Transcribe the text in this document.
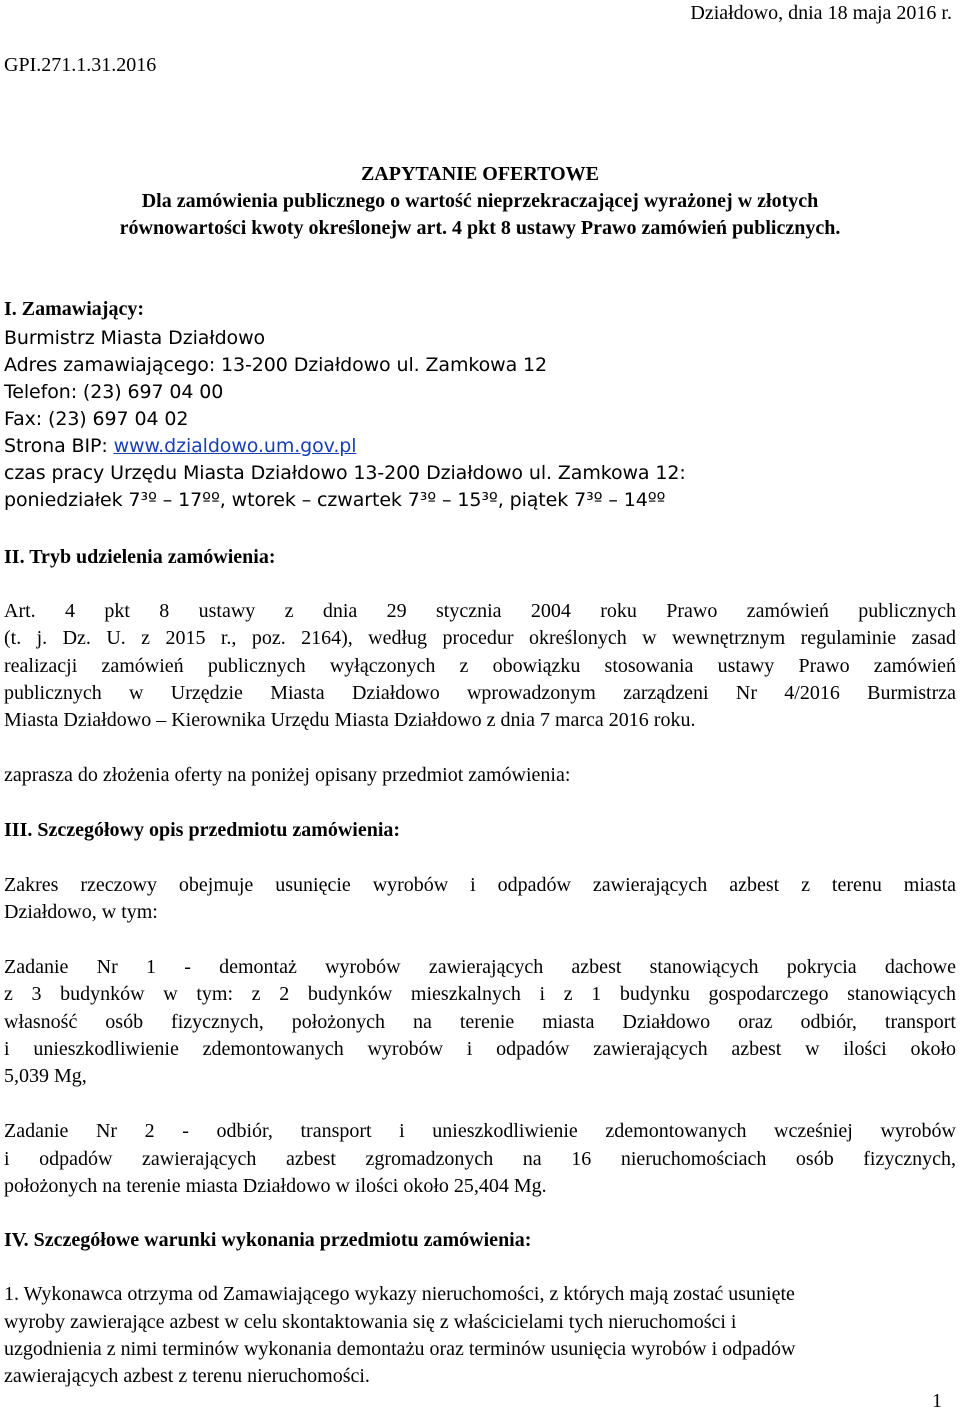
Działdowo, dnia 18 maja 2016 r.
GPI.271.1.31.2016
ZAPYTANIE OFERTOWE
Dla zamówienia publicznego o wartość nieprzekraczającej wyrażonej w złotych
równowartości kwoty określonejw art. 4 pkt 8 ustawy Prawo zamówień publicznych.
I. Zamawiający:
Burmistrz Miasta Działdowo
Adres zamawiającego: 13-200 Działdowo ul. Zamkowa 12
Telefon: (23) 697 04 00
Fax: (23) 697 04 02
Strona BIP: www.dzialdowo.um.gov.pl
czas pracy Urzędu Miasta Działdowo 13-200 Działdowo ul. Zamkowa 12:
poniedziałek 7³º – 17ºº, wtorek – czwartek 7³º – 15³º, piątek 7³º – 14ºº
II. Tryb udzielenia zamówienia:
Art. 4 pkt 8 ustawy z dnia 29 stycznia 2004 roku Prawo zamówień publicznych
(t. j. Dz. U. z 2015 r., poz. 2164), według procedur określonych w wewnętrznym regulaminie zasad
realizacji zamówień publicznych wyłączonych z obowiązku stosowania ustawy Prawo zamówień
publicznych w Urzędzie Miasta Działdowo wprowadzonym zarządzeni Nr 4/2016 Burmistrza
Miasta Działdowo – Kierownika Urzędu Miasta Działdowo z dnia 7 marca 2016 roku.
zaprasza do złożenia oferty na poniżej opisany przedmiot zamówienia:
III. Szczegółowy opis przedmiotu zamówienia:
Zakres rzeczowy obejmuje usunięcie wyrobów i odpadów zawierających azbest z terenu miasta
Działdowo, w tym:
Zadanie Nr 1 - demontaż wyrobów zawierających azbest stanowiących pokrycia dachowe
z 3 budynków w tym: z 2 budynków mieszkalnych i z 1 budynku gospodarczego stanowiących
własność osób fizycznych, położonych na terenie miasta Działdowo oraz odbiór, transport
i unieszkodliwienie zdemontowanych wyrobów i odpadów zawierających azbest w ilości około
5,039 Mg,
Zadanie Nr 2 - odbiór, transport i unieszkodliwienie zdemontowanych wcześniej wyrobów
i odpadów zawierających azbest zgromadzonych na 16 nieruchomościach osób fizycznych,
położonych na terenie miasta Działdowo w ilości około 25,404 Mg.
IV. Szczegółowe warunki wykonania przedmiotu zamówienia:
1. Wykonawca otrzyma od Zamawiającego wykazy nieruchomości, z których mają zostać usunięte
wyroby zawierające azbest w celu skontaktowania się z właścicielami tych nieruchomości i
uzgodnienia z nimi terminów wykonania demontażu oraz terminów usunięcia wyrobów i odpadów
zawierających azbest z terenu nieruchomości.
1
